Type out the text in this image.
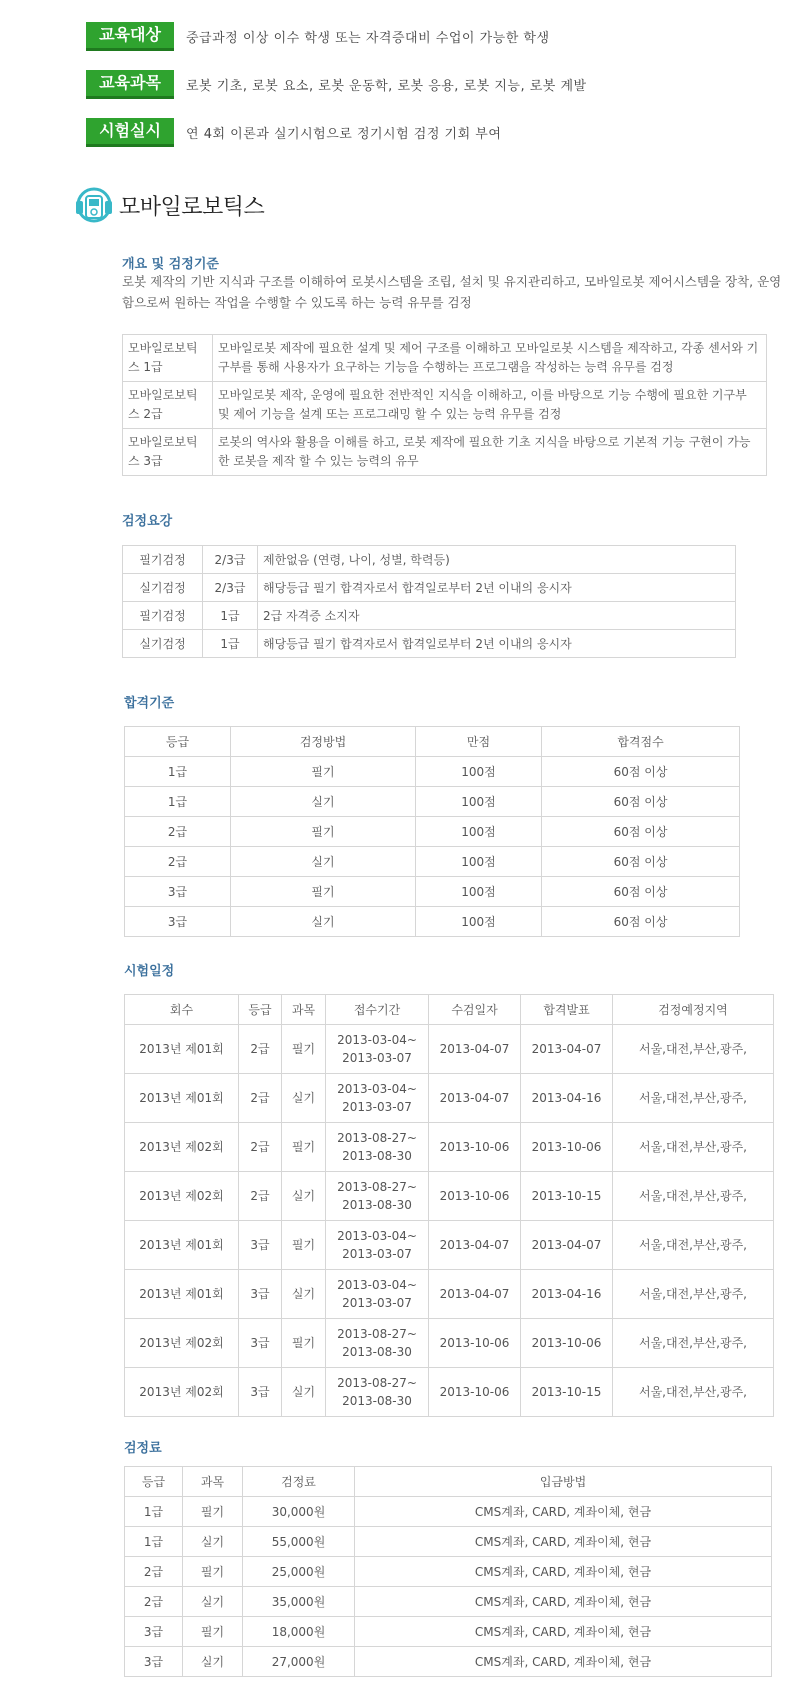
교육대상	중급과정 이상 이수 학생 또는 자격증대비 수업이 가능한 학생
교육과목	로봇 기초, 로봇 요소, 로봇 운동학, 로봇 응용, 로봇 지능, 로봇 계발
시험실시	연 4회 이론과 실기시험으로 정기시험 검정 기회 부여
모바일로보틱스
개요 및 검정기준
로봇 제작의 기반 지식과 구조를 이해하여 로봇시스템을 조립, 설치 및 유지관리하고, 모바일로봇 제어시스템을 장착, 운영함으로써 원하는 작업을 수행할 수 있도록 하는 능력 유무를 검정
모바일로보틱스 1급	모바일로봇 제작에 필요한 설계 및 제어 구조를 이해하고 모바일로봇 시스템을 제작하고, 각종 센서와 기구부를 통해 사용자가 요구하는 기능을 수행하는 프로그램을 작성하는 능력 유무를 검정
모바일로보틱스 2급	모바일로봇 제작, 운영에 필요한 전반적인 지식을 이해하고, 이를 바탕으로 기능 수행에 필요한 기구부 및 제어 기능을 설계 또는 프로그래밍 할 수 있는 능력 유무를 검정
모바일로보틱스 3급	로봇의 역사와 활용을 이해를 하고, 로봇 제작에 필요한 기초 지식을 바탕으로 기본적 기능 구현이 가능한 로봇을 제작 할 수 있는 능력의 유무
검정요강
필기검정	2/3급	제한없음 (연령, 나이, 성별, 학력등)
실기검정	2/3급	해당등급 필기 합격자로서 합격일로부터 2년 이내의 응시자
필기검정	1급	2급 자격증 소지자
실기검정	1급	해당등급 필기 합격자로서 합격일로부터 2년 이내의 응시자
합격기준
등급	검정방법	만점	합격점수
1급	필기	100점	60점 이상
1급	실기	100점	60점 이상
2급	필기	100점	60점 이상
2급	실기	100점	60점 이상
3급	필기	100점	60점 이상
3급	실기	100점	60점 이상
시험일정
회수	등급	과목	접수기간	수검일자	합격발표	검정예정지역
2013년 제01회	2급	필기	2013-03-04~
2013-03-07	2013-04-07	2013-04-07	서울,대전,부산,광주,
2013년 제01회	2급	실기	2013-03-04~
2013-03-07	2013-04-07	2013-04-16	서울,대전,부산,광주,
2013년 제02회	2급	필기	2013-08-27~
2013-08-30	2013-10-06	2013-10-06	서울,대전,부산,광주,
2013년 제02회	2급	실기	2013-08-27~
2013-08-30	2013-10-06	2013-10-15	서울,대전,부산,광주,
2013년 제01회	3급	필기	2013-03-04~
2013-03-07	2013-04-07	2013-04-07	서울,대전,부산,광주,
2013년 제01회	3급	실기	2013-03-04~
2013-03-07	2013-04-07	2013-04-16	서울,대전,부산,광주,
2013년 제02회	3급	필기	2013-08-27~
2013-08-30	2013-10-06	2013-10-06	서울,대전,부산,광주,
2013년 제02회	3급	실기	2013-08-27~
2013-08-30	2013-10-06	2013-10-15	서울,대전,부산,광주,
검정료
등급	과목	검정료	입금방법
1급	필기	30,000원	CMS계좌, CARD, 계좌이체, 현금
1급	실기	55,000원	CMS계좌, CARD, 계좌이체, 현금
2급	필기	25,000원	CMS계좌, CARD, 계좌이체, 현금
2급	실기	35,000원	CMS계좌, CARD, 계좌이체, 현금
3급	필기	18,000원	CMS계좌, CARD, 계좌이체, 현금
3급	실기	27,000원	CMS계좌, CARD, 계좌이체, 현금
